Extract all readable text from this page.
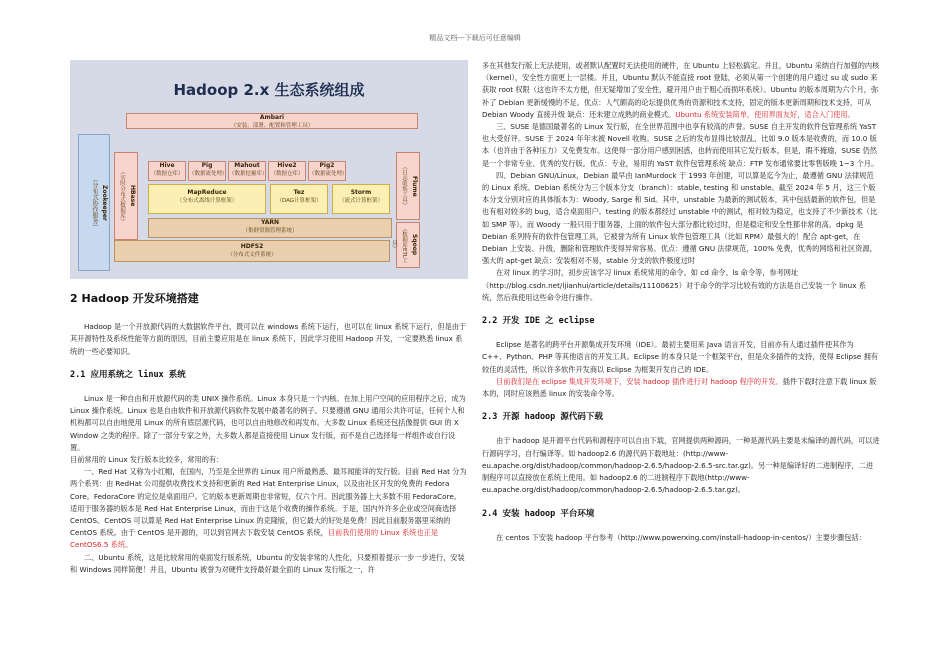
精品文档---下载后可任意编辑
Hadoop 2.x 生态系统组成
Ambari
（安装、部署、配置和管理工具）
Zookeeper
（分布式协作服务）	HBase
（实时分布式数据库）
Hive
（数据仓库）
Pig
（数据流处理）
Mahout
（数据挖掘库）
Hive2
（数据仓库）
Pig2
（数据流处理）
MapReduce
（分布式离线计算框架）
Tez
（DAG计算框架）
Storm
（流式计算框架）
YARN
（集群资源管理系统）
HDFS2
（分布式文件系统）
Flume
（日志收集工具）
Sqoop
（数据库ETL工具）
2 Hadoop 开发环境搭建

Hadoop 是一个开放源代码的大数据软件平台，既可以在 windows 系统下运行，也可以在 linux 系统下运行，但是由于其开源特性及系统性能等方面的原因，目前主要应用是在 linux 系统下，因此学习使用 Hadoop 开发，一定要熟悉 linux 系统的一些必要知识。

2.1 应用系统之 linux 系统

Linux 是一种自由和开放源代码的类 UNIX 操作系统。Linux 本身只是一个内核。在加上用户空间的应用程序之后，成为 Linux 操作系统。Linux 也是自由软件和开放源代码软件发展中最著名的例子。只要遵循 GNU 通用公共许可证，任何个人和机构都可以自由地使用 Linux 的所有底层源代码，也可以自由地修改和再发布。大多数 Linux 系统还包括像提供 GUI 的 X Window 之类的程序。除了一部分专家之外，大多数人都是直接使用 Linux 发行版，而不是自己选择每一样组件或自行设置。

目前常用的 Linux 发行版本比较多，常用的有：

一、Red Hat 又称为小红帽，在国内，乃至是全世界的 Linux 用户所最熟悉、最耳闻能详的发行版。目前 Red Hat 分为两个系列：由 RedHat 公司提供收费技术支持和更新的 Red Hat Enterprise Linux，以及由社区开发的免费的 Fedora Core。FedoraCore 的定位是桌面用户。它的版本更新周期也非常短，仅六个月。因此服务器上大多数不用 FedoraCore。适用于服务器的版本是 Red Hat Enterprise Linux，而由于这是个收费的操作系统。于是，国内外许多企业或空间商选择 CentOS。CentOS 可以算是 Red Hat Enterprise Linux 的克隆版，但它最大的好处是免费！因此目前服务器里采纳的 CentOS 系统。由于 CentOS 是开源的，可以到官网去下载安装 CentOS 系统，目前我们使用的 Linux 系统也正是 CentOS6.5 系统。

二、Ubuntu 系统，这是比较常用的桌面发行版系统，Ubuntu 的安装非常的人性化，只要照着提示一步一步进行，安装和 Windows 同样简便！并且，Ubuntu 被誉为对硬件支持最好最全面的 Linux 发行版之一，许

多在其他发行版上无法使用，或者默认配置时无法使用的硬件，在 Ubuntu 上轻松搞定。并且，Ubuntu 采纳自行加强的内核（kernel），安全性方面更上一层楼。并且，Ubuntu 默认不能直接 root 登陆，必须从第一个创建的用户通过 su 或 sudo 来获取 root 权限（这也许不太方便，但无疑增加了安全性，避开用户由于粗心而损坏系统）。Ubuntu 的版本周期为六个月，弥补了 Debian 更新缓慢的不足。优点：人气颇高的论坛提供优秀的资源和技术支持，固定的版本更新周期和技术支持，可从 Debian Woody 直接升级 缺点：还未建立成熟的商业模式。Ubuntu 系统安装简单，使用界面友好，适合入门使用。

三、SUSE 是德国最著名的 Linux 发行版，在全世界范围中也享有较高的声誉。SUSE 自主开发的软件包管理系统 YaST 也大受好评。SUSE 于 2024 年年末被 Novell 收购。SUSE 之后的发布显得比较混乱，比如 9.0 版本是收费的，而 10.0 版本（也许由于各种压力）又免费发布。这使得一部分用户感到困惑，也转而使用其它发行版本。但是，瑕不掩瑜，SUSE 仍然是一个非常专业、优秀的发行版。优点：专业，易用的 YaST 软件包管理系统 缺点：FTP 发布通常要比零售版晚 1~3 个月。

四、Debian GNU/Linux，Debian 最早由 IanMurdock 于 1993 年创建，可以算是迄今为止，最遵循 GNU 法律规范的 Linux 系统。Debian 系统分为三个版本分支（branch）：stable, testing 和 unstable。截至 2024 年 5 月，这三个版本分支分别对应的具体版本为：Woody, Sarge 和 Sid。其中，unstable 为最新的测试版本，其中包括最新的软件包，但是也有相对较多的 bug，适合桌面用户。testing 的版本都经过 unstable 中的测试，相对较为稳定，也支持了不少新技术（比如 SMP 等）。而 Woody 一般只用于服务器，上面的软件包大部分都比较过时，但是稳定和安全性都非常的高。dpkg 是 Debian 系列特有的软件包管理工具，它被誉为所有 Linux 软件包管理工具（比如 RPM）最强大的！配合 apt-get，在 Debian 上安装、升级、删除和管理软件变得异常容易。优点：遵循 GNU 法律规范，100% 免费，优秀的网络和社区资源，强大的 apt-get 缺点：安装相对不易，stable 分支的软件极度过时

在对 linux 的学习时，初步应该学习 linux 系统常用的命令。如 cd 命令、ls 命令等，参考网址（http://blog.csdn.net/ljianhui/article/details/11100625）对于命令的学习比较有效的方法是自己安装一个 linux 系统，然后我使用这些命令进行操作。

2.2 开发 IDE 之 eclipse

Eclipse 是著名的跨平台开源集成开发环境（IDE）。最初主要用来 Java 语言开发，目前亦有人通过插件使其作为 C++、Python、PHP 等其他语言的开发工具。Eclipse 的本身只是一个框架平台，但是众多插件的支持，使得 Eclipse 拥有较佳的灵活性，所以许多软件开发商以 Eclipse 为框架开发自己的 IDE。

目前我们是在 eclipse 集成开发环境下，安装 hadoop 插件进行对 hadoop 程序的开发。插件下载时注意下载 linux 版本的，同时应该熟悉 linux 的安装命令等。

2.3 开源 hadoop 源代码下载

由于 hadoop 是开源平台代码和源程序可以自由下载，官网提供两种源码，一种是源代码主要是未编译的源代码，可以进行源码学习，自行编译等。如 hadoop2.6 的源代码下载地址：(http://www-eu.apache.org/dist/hadoop/common/hadoop-2.6.5/hadoop-2.6.5-src.tar.gz)。另一种是编译好的二进制程序，二进制程序可以直接放在系统上使用。如 hadoop2.6 的二进制程序下载地(http://www-eu.apache.org/dist/hadoop/common/hadoop-2.6.5/hadoop-2.6.5.tar.gz)。

2.4 安装 hadoop 平台环境

在 centos 下安装 hadoop 平台参考（http://www.powerxing.com/install-hadoop-in-centos/）主要步骤包括：
